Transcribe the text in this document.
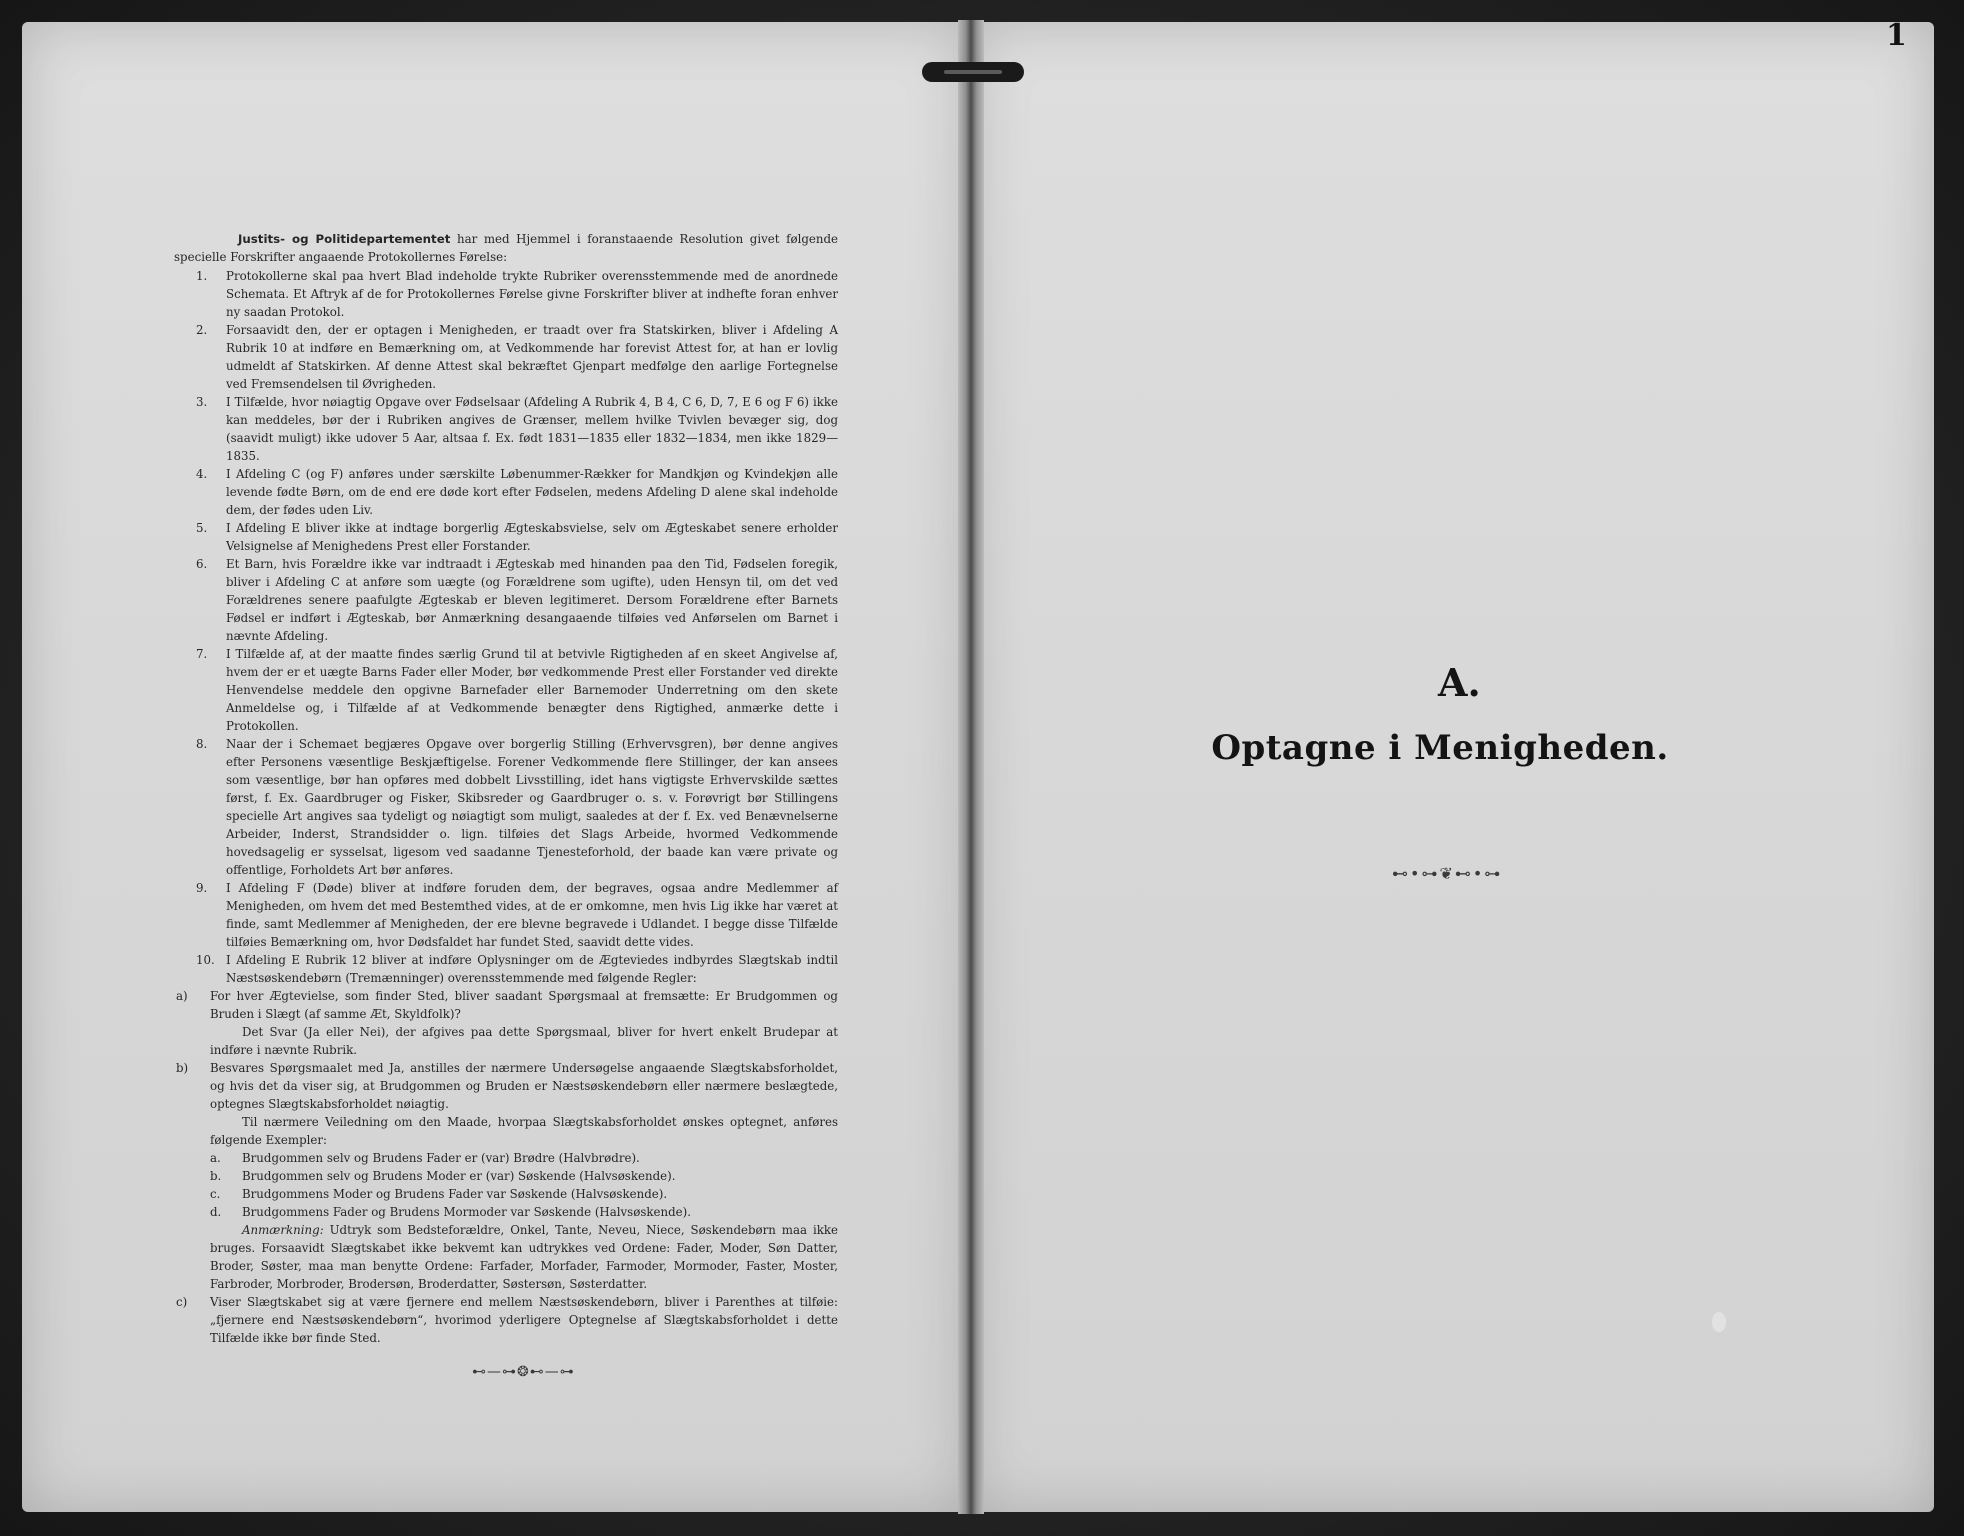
1

Justits- og Politidepartementet har med Hjemmel i foranstaaende Resolution givet følgende specielle Forskrifter angaaende Protokollernes Førelse:

1. Protokollerne skal paa hvert Blad indeholde trykte Rubriker overensstemmende med de anordnede Schemata. Et Aftryk af de for Protokollernes Førelse givne Forskrifter bliver at indhefte foran enhver ny saadan Protokol.

2. Forsaavidt den, der er optagen i Menigheden, er traadt over fra Statskirken, bliver i Afdeling A Rubrik 10 at indføre en Bemærkning om, at Vedkommende har forevist Attest for, at han er lovlig udmeldt af Statskirken. Af denne Attest skal bekræftet Gjenpart medfølge den aarlige Fortegnelse ved Fremsendelsen til Øvrigheden.

3. I Tilfælde, hvor nøiagtig Opgave over Fødselsaar (Afdeling A Rubrik 4, B 4, C 6, D, 7, E 6 og F 6) ikke kan meddeles, bør der i Rubriken angives de Grænser, mellem hvilke Tvivlen bevæger sig, dog (saavidt muligt) ikke udover 5 Aar, altsaa f. Ex. født 1831—1835 eller 1832—1834, men ikke 1829—1835.

4. I Afdeling C (og F) anføres under særskilte Løbenummer-Rækker for Mandkjøn og Kvindekjøn alle levende fødte Børn, om de end ere døde kort efter Fødselen, medens Afdeling D alene skal indeholde dem, der fødes uden Liv.

5. I Afdeling E bliver ikke at indtage borgerlig Ægteskabsvielse, selv om Ægteskabet senere erholder Velsignelse af Menighedens Prest eller Forstander.

6. Et Barn, hvis Forældre ikke var indtraadt i Ægteskab med hinanden paa den Tid, Fødselen foregik, bliver i Afdeling C at anføre som uægte (og Forældrene som ugifte), uden Hensyn til, om det ved Forældrenes senere paafulgte Ægteskab er bleven legitimeret. Dersom Forældrene efter Barnets Fødsel er indført i Ægteskab, bør Anmærkning desangaaende tilføies ved Anførselen om Barnet i nævnte Afdeling.

7. I Tilfælde af, at der maatte findes særlig Grund til at betvivle Rigtigheden af en skeet Angivelse af, hvem der er et uægte Barns Fader eller Moder, bør vedkommende Prest eller Forstander ved direkte Henvendelse meddele den opgivne Barnefader eller Barnemoder Underretning om den skete Anmeldelse og, i Tilfælde af at Vedkommende benægter dens Rigtighed, anmærke dette i Protokollen.

8. Naar der i Schemaet begjæres Opgave over borgerlig Stilling (Erhvervsgren), bør denne angives efter Personens væsentlige Beskjæftigelse. Forener Vedkommende flere Stillinger, der kan ansees som væsentlige, bør han opføres med dobbelt Livsstilling, idet hans vigtigste Erhvervskilde sættes først, f. Ex. Gaardbruger og Fisker, Skibsreder og Gaardbruger o. s. v. Forøvrigt bør Stillingens specielle Art angives saa tydeligt og nøiagtigt som muligt, saaledes at der f. Ex. ved Benævnelserne Arbeider, Inderst, Strandsidder o. lign. tilføies det Slags Arbeide, hvormed Vedkommende hovedsagelig er sysselsat, ligesom ved saadanne Tjenesteforhold, der baade kan være private og offentlige, Forholdets Art bør anføres.

9. I Afdeling F (Døde) bliver at indføre foruden dem, der begraves, ogsaa andre Medlemmer af Menigheden, om hvem det med Bestemthed vides, at de er omkomne, men hvis Lig ikke har været at finde, samt Medlemmer af Menigheden, der ere blevne begravede i Udlandet. I begge disse Tilfælde tilføies Bemærkning om, hvor Dødsfaldet har fundet Sted, saavidt dette vides.

10. I Afdeling E Rubrik 12 bliver at indføre Oplysninger om de Ægteviedes indbyrdes Slægtskab indtil Næstsøskendebørn (Tremænninger) overensstemmende med følgende Regler:

a) For hver Ægtevielse, som finder Sted, bliver saadant Spørgsmaal at fremsætte: Er Brudgommen og Bruden i Slægt (af samme Æt, Skyldfolk)?

Det Svar (Ja eller Nei), der afgives paa dette Spørgsmaal, bliver for hvert enkelt Brudepar at indføre i nævnte Rubrik.

b) Besvares Spørgsmaalet med Ja, anstilles der nærmere Undersøgelse angaaende Slægtskabsforholdet, og hvis det da viser sig, at Brudgommen og Bruden er Næstsøskendebørn eller nærmere beslægtede, optegnes Slægtskabsforholdet nøiagtig.

Til nærmere Veiledning om den Maade, hvorpaa Slægtskabsforholdet ønskes optegnet, anføres følgende Exempler:

a. Brudgommen selv og Brudens Fader er (var) Brødre (Halvbrødre).
b. Brudgommen selv og Brudens Moder er (var) Søskende (Halvsøskende).
c. Brudgommens Moder og Brudens Fader var Søskende (Halvsøskende).
d. Brudgommens Fader og Brudens Mormoder var Søskende (Halvsøskende).

Anmærkning: Udtryk som Bedsteforældre, Onkel, Tante, Neveu, Niece, Søskendebørn maa ikke bruges. Forsaavidt Slægtskabet ikke bekvemt kan udtrykkes ved Ordene: Fader, Moder, Søn Datter, Broder, Søster, maa man benytte Ordene: Farfader, Morfader, Farmoder, Mormoder, Faster, Moster, Farbroder, Morbroder, Brodersøn, Broderdatter, Søstersøn, Søsterdatter.

c) Viser Slægtskabet sig at være fjernere end mellem Næstsøskendebørn, bliver i Parenthes at tilføie: „fjernere end Næstsøskendebørn“, hvorimod yderligere Optegnelse af Slægtskabsforholdet i dette Tilfælde ikke bør finde Sted.
⊷—⊶❂⊷—⊶
A.
Optagne i Menigheden.
⊷•⊶❦⊷•⊶
